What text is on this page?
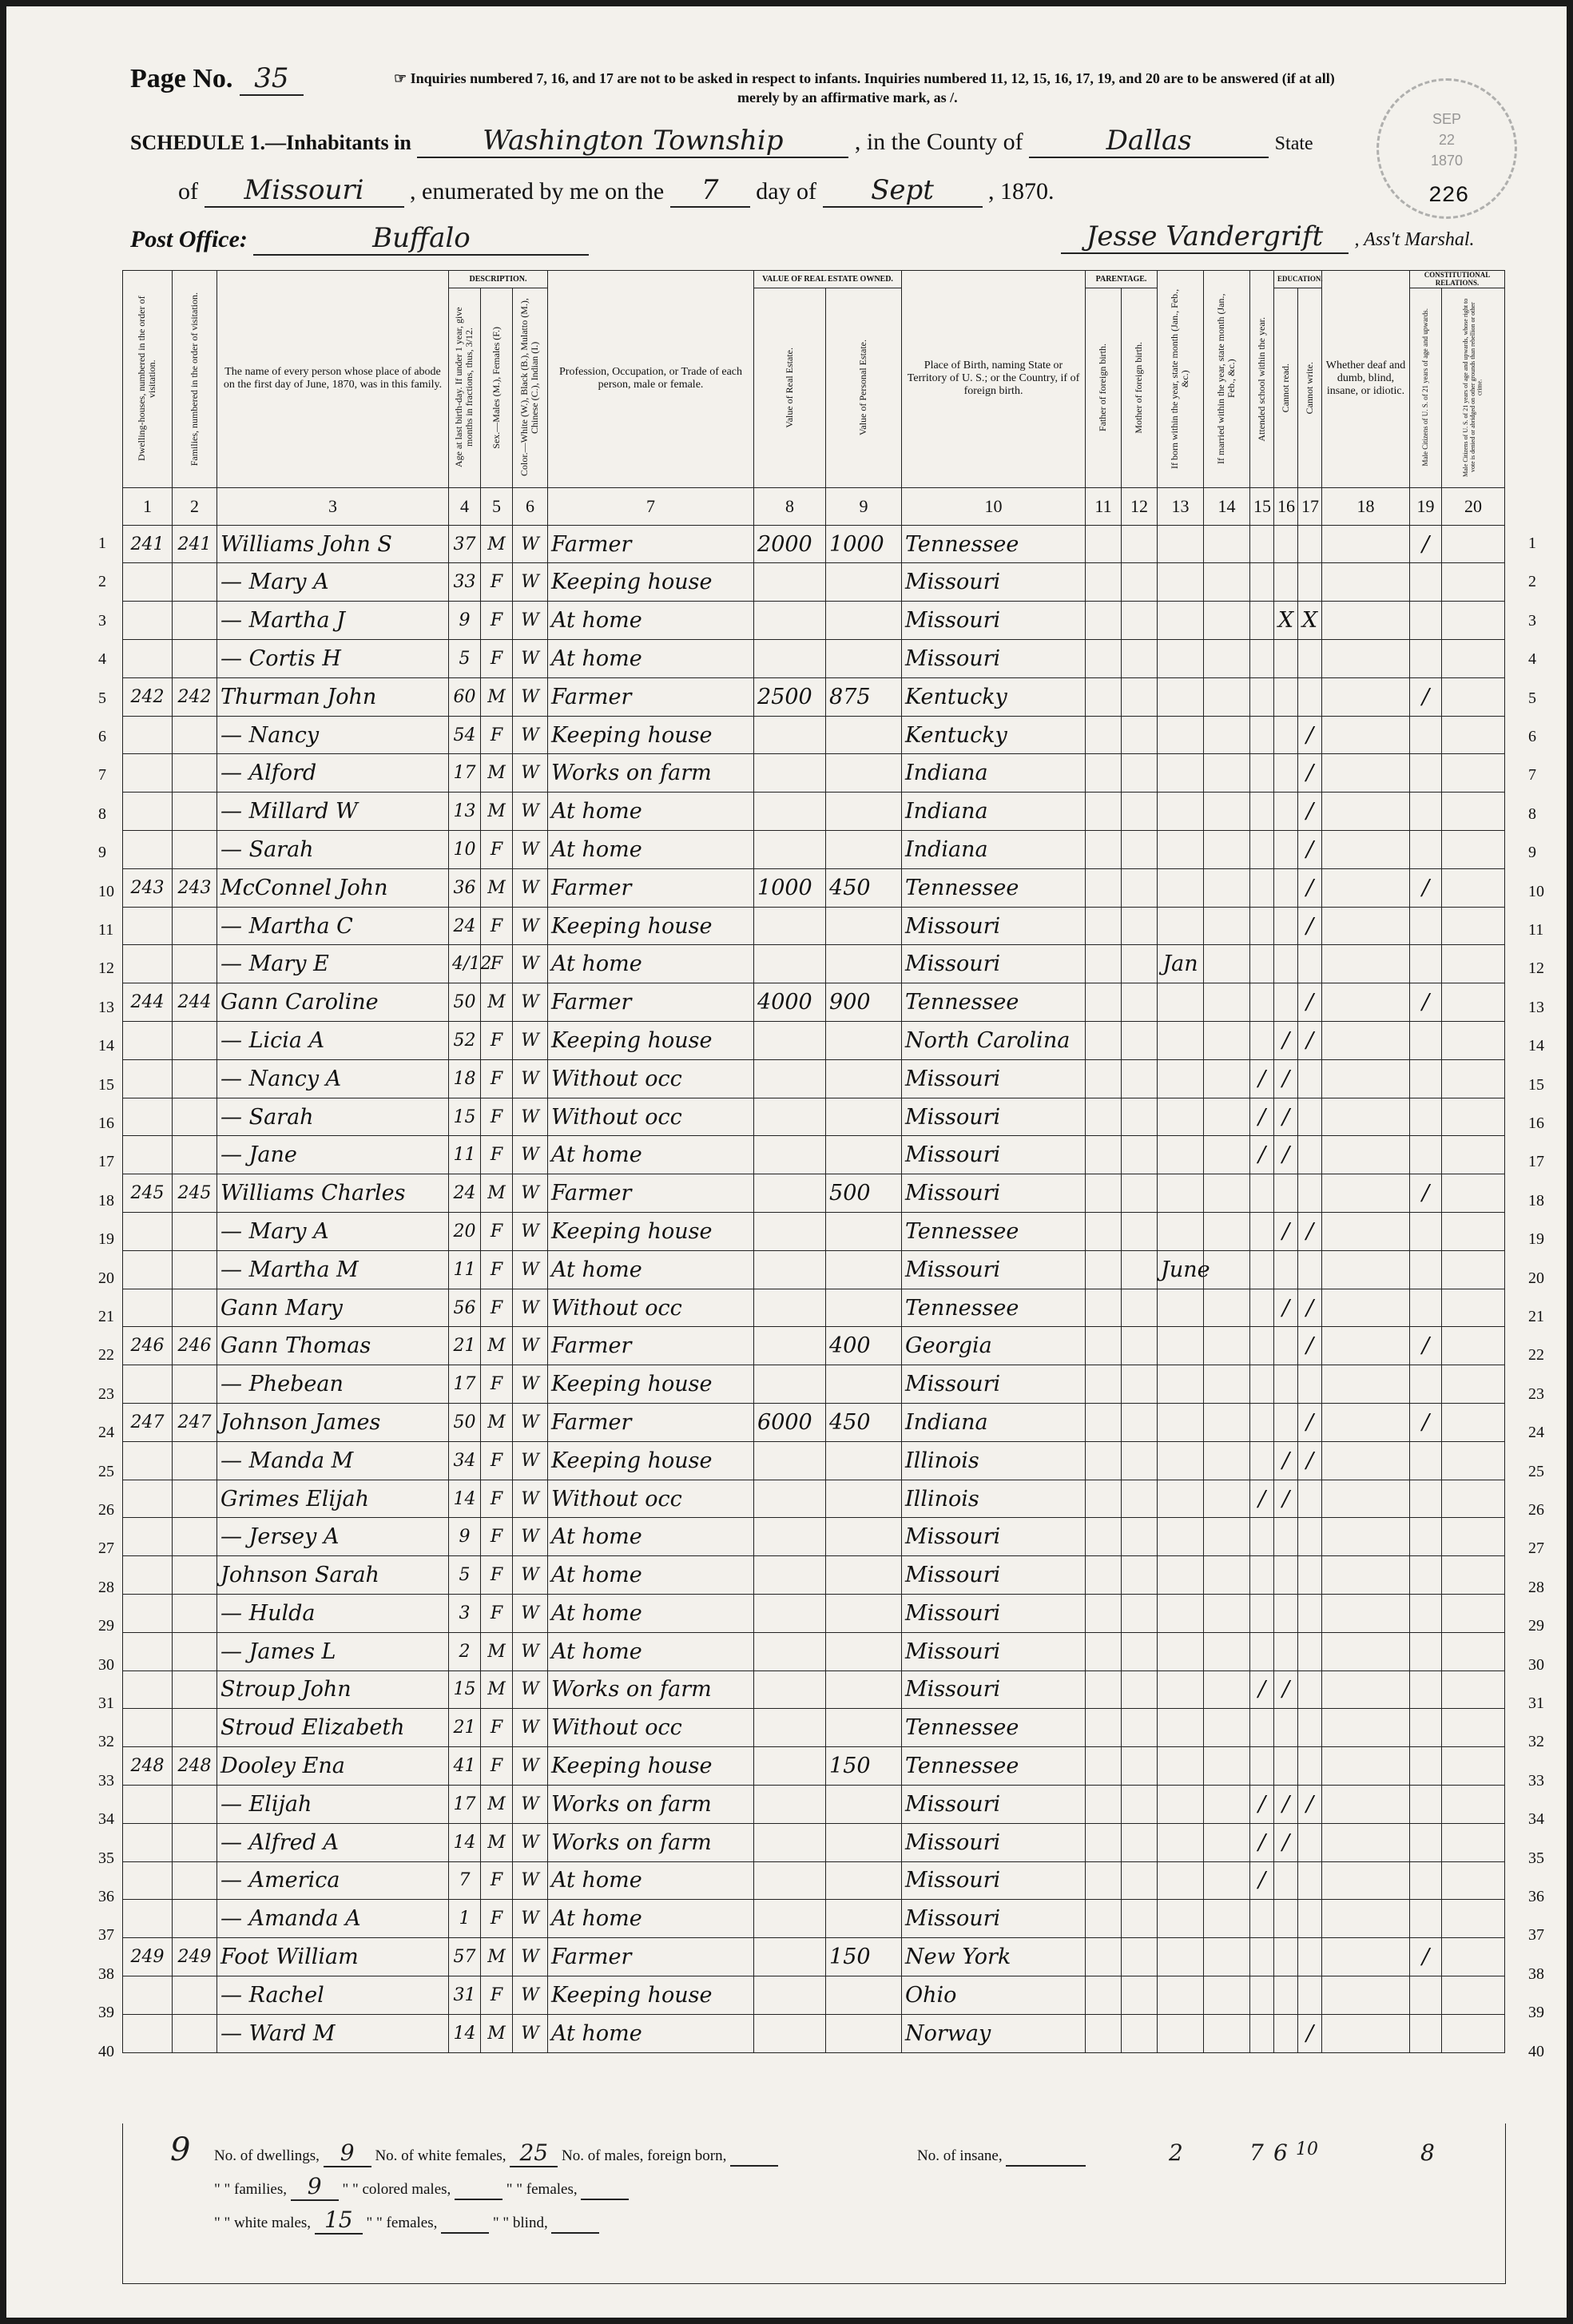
Page No. 35	☞ Inquiries numbered 7, 16, and 17 are not to be asked in respect to infants. Inquiries numbered 11, 12, 15, 16, 17, 19, and 20 are to be answered (if at all)
merely by an affirmative mark, as /.
SCHEDULE 1.—Inhabitants in	Washington Township	, in the County of	Dallas	State
of Missouri , enumerated by me on the 7 day of Sept , 1870.	226
Post Office:	Buffalo	Jesse Vandergrift , Ass't Marshal.
SEP
22
1870
1
2
3
4
5
6
7
8
9
10
11
12
13
14
15
16
17
18
19
20
21
22
23
24
25
26
27
28
29
30
31
32
33
34
35
36
37
38
39
40
1
2
3
4
5
6
7
8
9
10
11
12
13
14
15
16
17
18
19
20
21
22
23
24
25
26
27
28
29
30
31
32
33
34
35
36
37
38
39
40
Dwelling-houses, numbered in the order of visitation.	Families, numbered in the order of visitation.	The name of every person whose place of abode on the first day of June, 1870, was in this family.	DESCRIPTION.			Profession, Occupation, or Trade of each person, male or female.	VALUE OF REAL ESTATE OWNED.		Place of Birth, naming State or Territory of U. S.; or the Country, if of foreign birth.	PARENTAGE.		If born within the year, state month (Jan., Feb., &c.)	If married within the year, state month (Jan., Feb., &c.)	Attended school within the year.	EDUCATION.		Whether deaf and dumb, blind, insane, or idiotic.	CONSTITUTIONAL RELATIONS.	

			Age at last birth-day. If under 1 year, give months in fractions, thus, 3/12.	Sex.—Males (M.), Females (F.)	Color.—White (W.), Black (B.), Mulatto (M.), Chinese (C.), Indian (I.)		Value of Real Estate.	Value of Personal Estate.		Father of foreign birth.	Mother of foreign birth.				Cannot read.	Cannot write.		Male Citizens of U. S. of 21 years of age and upwards.	Male Citizens of U. S. of 21 years of age and upwards, whose right to vote is denied or abridged on other grounds than rebellion or other crime.

1	2	3	4	5	6	7	8	9	10	11	12	13	14	15	16	17	18	19	20
241	241	Williams John S	37	M	W	Farmer	2000	1000	Tennessee									/	
		— Mary A	33	F	W	Keeping house			Missouri										
		— Martha J	9	F	W	At home			Missouri						X	X			
		— Cortis H	5	F	W	At home			Missouri										
242	242	Thurman John	60	M	W	Farmer	2500	875	Kentucky									/	
		— Nancy	54	F	W	Keeping house			Kentucky							/			
		— Alford	17	M	W	Works on farm			Indiana							/			
		— Millard W	13	M	W	At home			Indiana							/			
		— Sarah	10	F	W	At home			Indiana							/			
243	243	McConnel John	36	M	W	Farmer	1000	450	Tennessee							/		/	
		— Martha C	24	F	W	Keeping house			Missouri							/			
		— Mary E	4/12	F	W	At home			Missouri			Jan							
244	244	Gann Caroline	50	M	W	Farmer	4000	900	Tennessee							/		/	
		— Licia A	52	F	W	Keeping house			North Carolina						/	/			
		— Nancy A	18	F	W	Without occ			Missouri					/	/				
		— Sarah	15	F	W	Without occ			Missouri					/	/				
		— Jane	11	F	W	At home			Missouri					/	/				
245	245	Williams Charles	24	M	W	Farmer		500	Missouri									/	
		— Mary A	20	F	W	Keeping house			Tennessee						/	/			
		— Martha M	11	F	W	At home			Missouri			June							
		Gann Mary	56	F	W	Without occ			Tennessee						/	/			
246	246	Gann Thomas	21	M	W	Farmer		400	Georgia							/		/	
		— Phebean	17	F	W	Keeping house			Missouri										
247	247	Johnson James	50	M	W	Farmer	6000	450	Indiana							/		/	
		— Manda M	34	F	W	Keeping house			Illinois						/	/			
		Grimes Elijah	14	F	W	Without occ			Illinois					/	/				
		— Jersey A	9	F	W	At home			Missouri										
		Johnson Sarah	5	F	W	At home			Missouri										
		— Hulda	3	F	W	At home			Missouri										
		— James L	2	M	W	At home			Missouri										
		Stroup John	15	M	W	Works on farm			Missouri					/	/				
		Stroud Elizabeth	21	F	W	Without occ			Tennessee										
248	248	Dooley Ena	41	F	W	Keeping house		150	Tennessee										
		— Elijah	17	M	W	Works on farm			Missouri					/	/	/			
		— Alfred A	14	M	W	Works on farm			Missouri					/	/				
		— America	7	F	W	At home			Missouri					/					
		— Amanda A	1	F	W	At home			Missouri										
249	249	Foot William	57	M	W	Farmer		150	New York									/	
		— Rachel	31	F	W	Keeping house			Ohio										
		— Ward M	14	M	W	At home			Norway							/			
9 No. of dwellings, 9 No. of white females, 25 No. of males, foreign born,
" " families, 9 " " colored males,	" " females,
" " white males, 15 " " females,	" " blind,
No. of insane,	2	7 6 10	8
